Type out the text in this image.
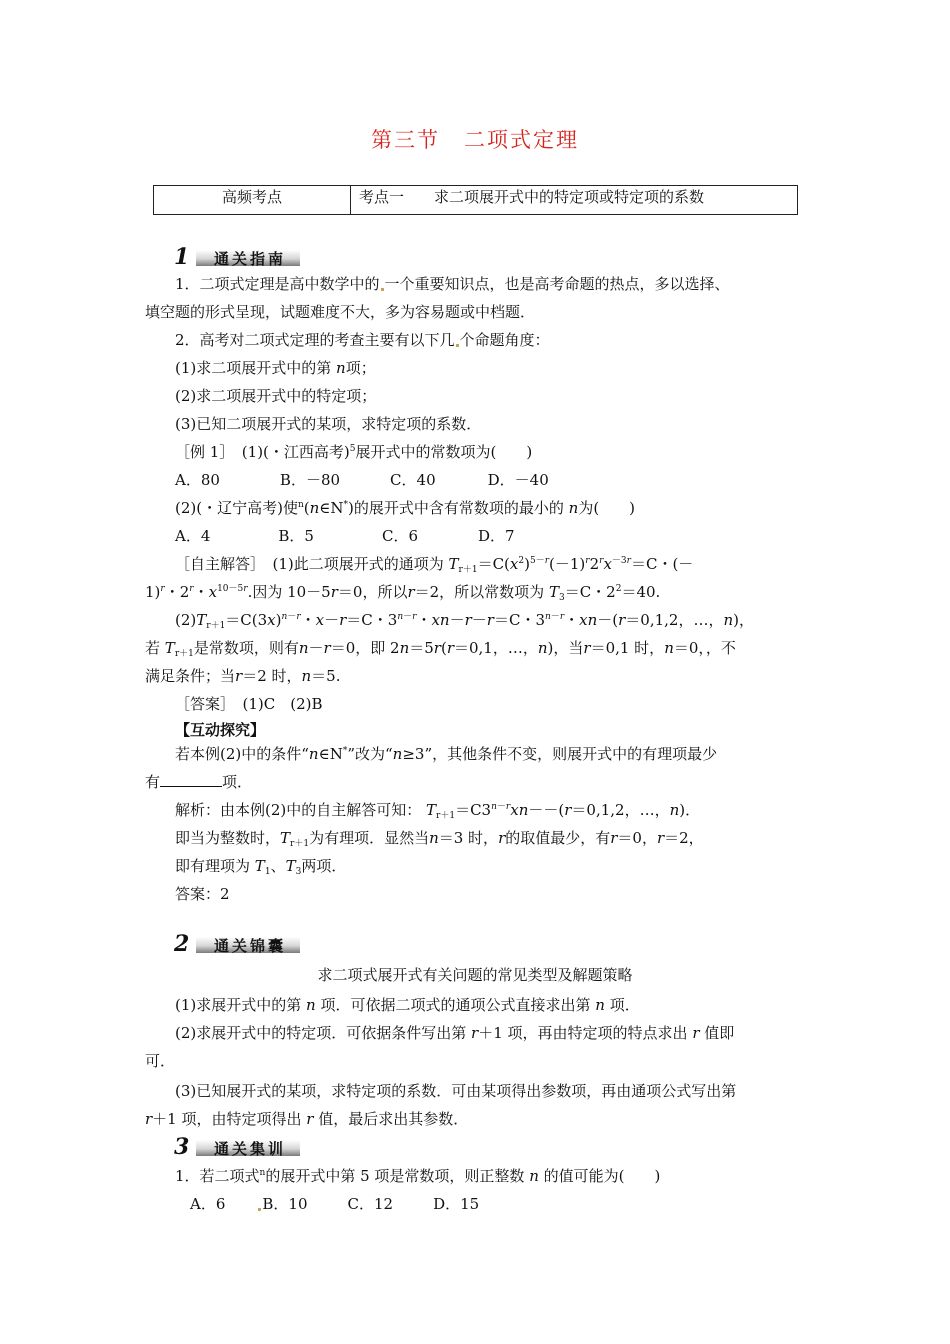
第三节 二项式定理
高频考点	考点一　　求二项展开式中的特定项或特定项的系数
1 通关指南
1．二项式定理是高中数学中的 一个重要知识点，也是高考命题的热点，多以选择、
填空题的形式呈现，试题难度不大，多为容易题或中档题．
2．高考对二项式定理的考查主要有以下几 个命题角度：
(1)求二项展开式中的第 n项；
(2)求二项展开式中的特定项；
(3)已知二项展开式的某项，求特定项的系数．
［例 1］　(1)(・江西高考)$^5$展开式中的常数项为(　　)
A．80	B．－80	C．40	D．－40
(2)(・辽宁高考)使$^n$(n∈N*)的展开式中含有常数项的最小的 n为(　　)
A．4	B．5	C．6	D．7
［自主解答］　(1)此二项展开式的通项为 $T_{r+1}=C(x^2)^{5-r}(-1)^r2^rx^{-3r}=C$・(－
1)$^r$・2$^r$・$x^{10-5r}$.因为 10－5r＝0，所以r＝2，所以常数项为 $T_3=C$・$2^2=40$.
$(2)T_{r+1}=C(3x)^{n-r}$・x－r＝C・$3^{n-r}$・xn－r－r＝C・$3^{n-r}$・xn－(r＝0,1,2，…，n)，
若 $T_{r+1}$是常数项，则有n－r＝0，即 2n＝5r(r＝0,1，…，n)，当r＝0,1 时，n＝0，，不
满足条件；当r＝2 时，n＝5.
［答案］　(1)C　(2)B
【互动探究】
若本例(2)中的条件“n∈N*”改为“n≥3”，其他条件不变，则展开式中的有理项最少
有	项．
解析：由本例(2)中的自主解答可知： $T_{r+1}=C3^{n-r}xn--(r=0,1,2$，…，n)．
即当为整数时，$T_{r+1}$为有理项．显然当n＝3 时，r的取值最少，有r＝0，r＝2，
即有理项为 $T_1$、$T_3$两项．
答案：2
2 通关锦囊
求二项式展开式有关问题的常见类型及解题策略
(1)求展开式中的第 n 项．可依据二项式的通项公式直接求出第 n 项．
(2)求展开式中的特定项．可依据条件写出第 r＋1 项，再由特定项的特点求出 r 值即
可．
(3)已知展开式的某项，求特定项的系数．可由某项得出参数项，再由通项公式写出第
r＋1 项，由特定项得出 r 值，最后求出其参数．
3 通关集训
1．若二项式$^n$的展开式中第 5 项是常数项，则正整数 n 的值可能为(　　)
A．6 B．10	C．12	D．15
